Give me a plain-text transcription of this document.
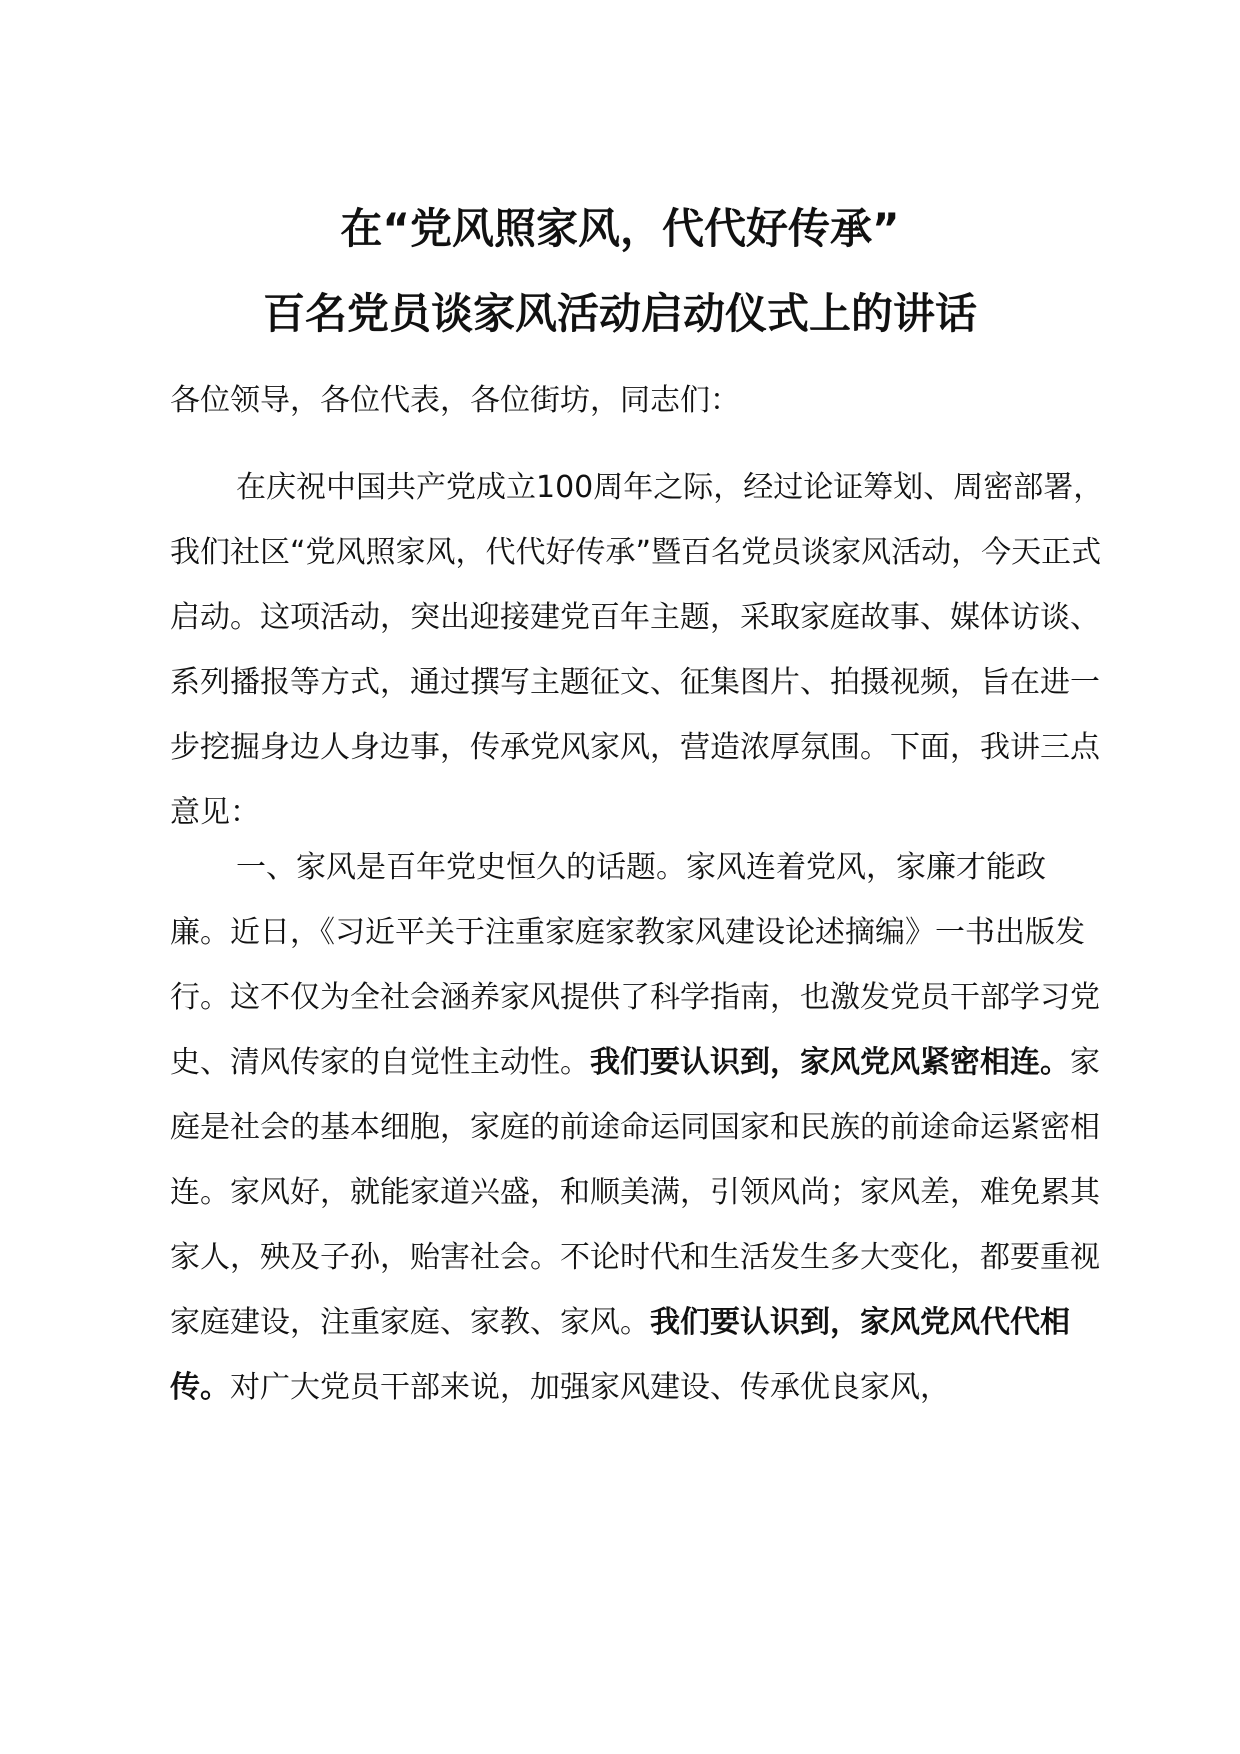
在“党风照家风，代代好传承”
百名党员谈家风活动启动仪式上的讲话

各位领导，各位代表，各位街坊，同志们：

在庆祝中国共产党成立100周年之际，经过论证筹划、周密部署，我们社区“党风照家风，代代好传承”暨百名党员谈家风活动，今天正式启动。这项活动，突出迎接建党百年主题，采取家庭故事、媒体访谈、系列播报等方式，通过撰写主题征文、征集图片、拍摄视频，旨在进一步挖掘身边人身边事，传承党风家风，营造浓厚氛围。下面，我讲三点意见：

一、家风是百年党史恒久的话题。家风连着党风，家廉才能政廉。近日，《习近平关于注重家庭家教家风建设论述摘编》一书出版发行。这不仅为全社会涵养家风提供了科学指南，也激发党员干部学习党史、清风传家的自觉性主动性。我们要认识到，家风党风紧密相连。家庭是社会的基本细胞，家庭的前途命运同国家和民族的前途命运紧密相连。家风好，就能家道兴盛，和顺美满，引领风尚；家风差，难免累其家人，殃及子孙，贻害社会。不论时代和生活发生多大变化，都要重视家庭建设，注重家庭、家教、家风。我们要认识到，家风党风代代相传。对广大党员干部来说，加强家风建设、传承优良家风，
